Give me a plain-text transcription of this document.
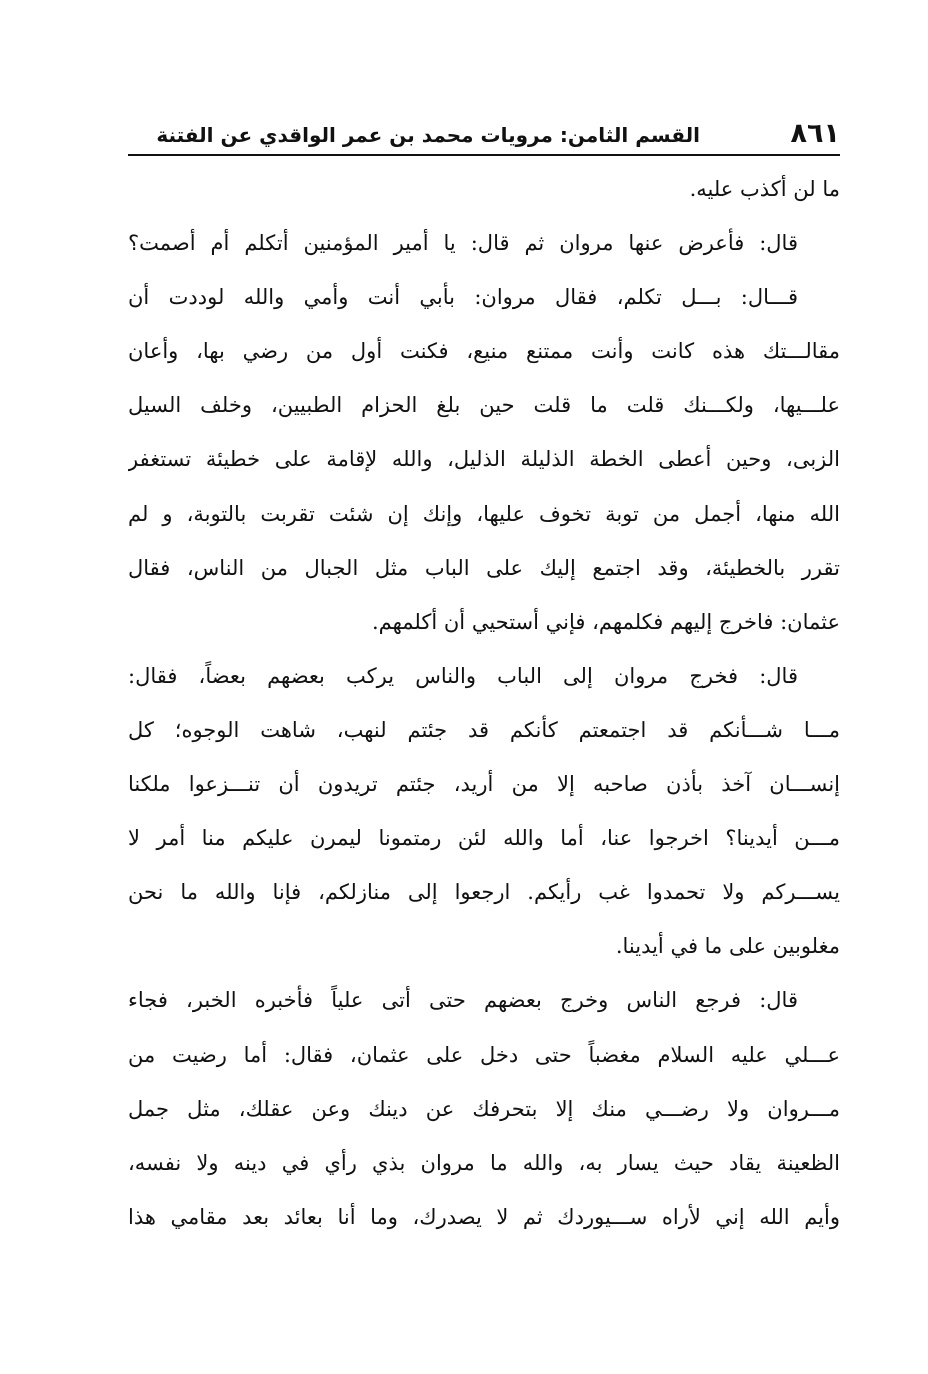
٨٦١
القسم الثامن: مرويات محمد بن عمر الواقدي عن الفتنة
ما لن أكذب عليه.
قال: فأعرض عنها مروان ثم قال: يا أمير المؤمنين أتكلم أم أصمت؟
قـــال: بـــل تكلم، فقال مروان: بأبي أنت وأمي والله لوددت أن
مقالـــتك هذه كانت وأنت ممتنع منيع، فكنت أول من رضي بها، وأعان
علـــيها، ولكـــنك قلت ما قلت حين بلغ الحزام الطبيين، وخلف السيل
الزبى، وحين أعطى الخطة الذليلة الذليل، والله لإقامة على خطيئة تستغفر
الله منها، أجمل من توبة تخوف عليها، وإنك إن شئت تقربت بالتوبة، و لم
تقرر بالخطيئة، وقد اجتمع إليك على الباب مثل الجبال من الناس، فقال
عثمان: فاخرج إليهم فكلمهم، فإني أستحيي أن أكلمهم.
قال: فخرج مروان إلى الباب والناس يركب بعضهم بعضاً، فقال:
مـــا شـــأنكم قد اجتمعتم كأنكم قد جئتم لنهب، شاهت الوجوه؛ كل
إنســـان آخذ بأذن صاحبه إلا من أريد، جئتم تريدون أن تنـــزعوا ملكنا
مـــن أيدينا؟ اخرجوا عنا، أما والله لئن رمتمونا ليمرن عليكم منا أمر لا
يســـركم ولا تحمدوا غب رأيكم. ارجعوا إلى منازلكم، فإنا والله ما نحن
مغلوبين على ما في أيدينا.
قال: فرجع الناس وخرج بعضهم حتى أتى علياً فأخبره الخبر، فجاء
عـــلي عليه السلام مغضباً حتى دخل على عثمان، فقال: أما رضيت من
مـــروان ولا رضـــي منك إلا بتحرفك عن دينك وعن عقلك، مثل جمل
الظعينة يقاد حيث يسار به، والله ما مروان بذي رأي في دينه ولا نفسه،
وأيم الله إني لأراه ســـيوردك ثم لا يصدرك، وما أنا بعائد بعد مقامي هذا
